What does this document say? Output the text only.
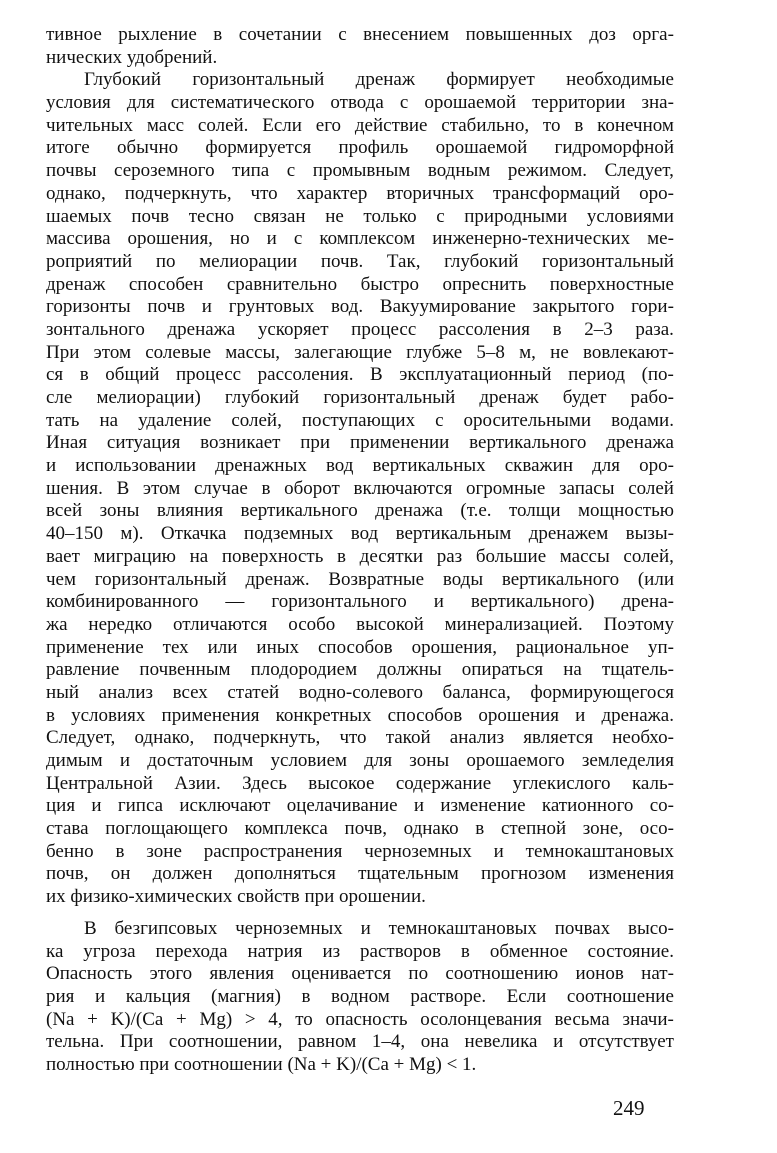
тивное рыхление в сочетании с внесением повышенных доз орга-
нических удобрений.
Глубокий горизонтальный дренаж формирует необходимые
условия для систематического отвода с орошаемой территории зна-
чительных масс солей. Если его действие стабильно, то в конечном
итоге обычно формируется профиль орошаемой гидроморфной
почвы сероземного типа с промывным водным режимом. Следует,
однако, подчеркнуть, что характер вторичных трансформаций оро-
шаемых почв тесно связан не только с природными условиями
массива орошения, но и с комплексом инженерно-технических ме-
роприятий по мелиорации почв. Так, глубокий горизонтальный
дренаж способен сравнительно быстро опреснить поверхностные
горизонты почв и грунтовых вод. Вакуумирование закрытого гори-
зонтального дренажа ускоряет процесс рассоления в 2–3 раза.
При этом солевые массы, залегающие глубже 5–8 м, не вовлекают-
ся в общий процесс рассоления. В эксплуатационный период (по-
сле мелиорации) глубокий горизонтальный дренаж будет рабо-
тать на удаление солей, поступающих с оросительными водами.
Иная ситуация возникает при применении вертикального дренажа
и использовании дренажных вод вертикальных скважин для оро-
шения. В этом случае в оборот включаются огромные запасы солей
всей зоны влияния вертикального дренажа (т.е. толщи мощностью
40–150 м). Откачка подземных вод вертикальным дренажем вызы-
вает миграцию на поверхность в десятки раз большие массы солей,
чем горизонтальный дренаж. Возвратные воды вертикального (или
комбинированного — горизонтального и вертикального) дрена-
жа нередко отличаются особо высокой минерализацией. Поэтому
применение тех или иных способов орошения, рациональное уп-
равление почвенным плодородием должны опираться на тщатель-
ный анализ всех статей водно-солевого баланса, формирующегося
в условиях применения конкретных способов орошения и дренажа.
Следует, однако, подчеркнуть, что такой анализ является необхо-
димым и достаточным условием для зоны орошаемого земледелия
Центральной Азии. Здесь высокое содержание углекислого каль-
ция и гипса исключают оцелачивание и изменение катионного со-
става поглощающего комплекса почв, однако в степной зоне, осо-
бенно в зоне распространения черноземных и темнокаштановых
почв, он должен дополняться тщательным прогнозом изменения
их физико-химических свойств при орошении.
В безгипсовых черноземных и темнокаштановых почвах высо-
ка угроза перехода натрия из растворов в обменное состояние.
Опасность этого явления оценивается по соотношению ионов нат-
рия и кальция (магния) в водном растворе. Если соотношение
(Na + K)/(Ca + Mg) > 4, то опасность осолонцевания весьма значи-
тельна. При соотношении, равном 1–4, она невелика и отсутствует
полностью при соотношении (Na + K)/(Ca + Mg) < 1.
249
